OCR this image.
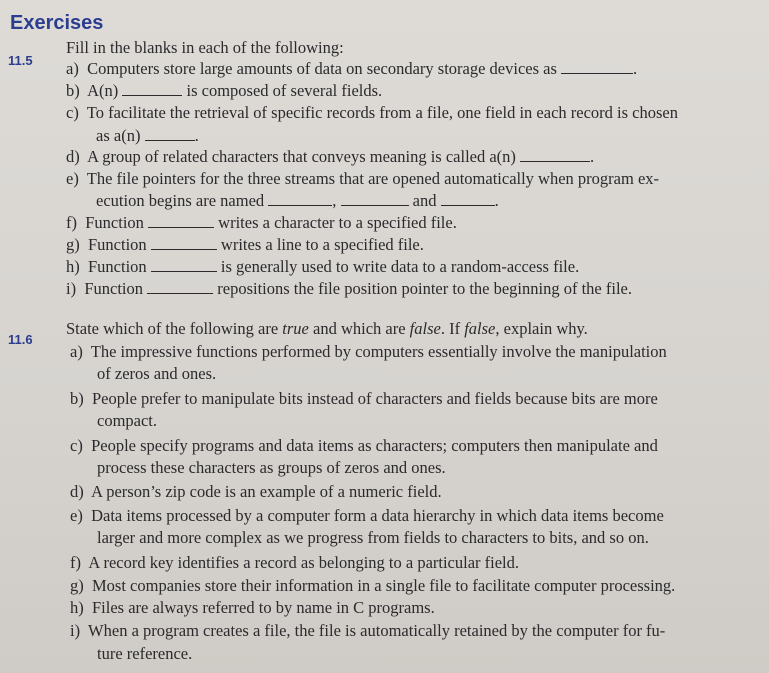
Exercises
11.5
Fill in the blanks in each of the following:
a) Computers store large amounts of data on secondary storage devices as	.
b) A(n)	is composed of several fields.
c) To facilitate the retrieval of specific records from a file, one field in each record is chosen
as a(n)	.
d) A group of related characters that conveys meaning is called a(n)	.
e) The file pointers for the three streams that are opened automatically when program ex-
ecution begins are named	,	and	.
f) Function	writes a character to a specified file.
g) Function	writes a line to a specified file.
h) Function	is generally used to write data to a random-access file.
i) Function	repositions the file position pointer to the beginning of the file.
11.6
State which of the following are true and which are false. If false, explain why.
a) The impressive functions performed by computers essentially involve the manipulation
of zeros and ones.
b) People prefer to manipulate bits instead of characters and fields because bits are more
compact.
c) People specify programs and data items as characters; computers then manipulate and
process these characters as groups of zeros and ones.
d) A person’s zip code is an example of a numeric field.
e) Data items processed by a computer form a data hierarchy in which data items become
larger and more complex as we progress from fields to characters to bits, and so on.
f) A record key identifies a record as belonging to a particular field.
g) Most companies store their information in a single file to facilitate computer processing.
h) Files are always referred to by name in C programs.
i) When a program creates a file, the file is automatically retained by the computer for fu-
ture reference.
